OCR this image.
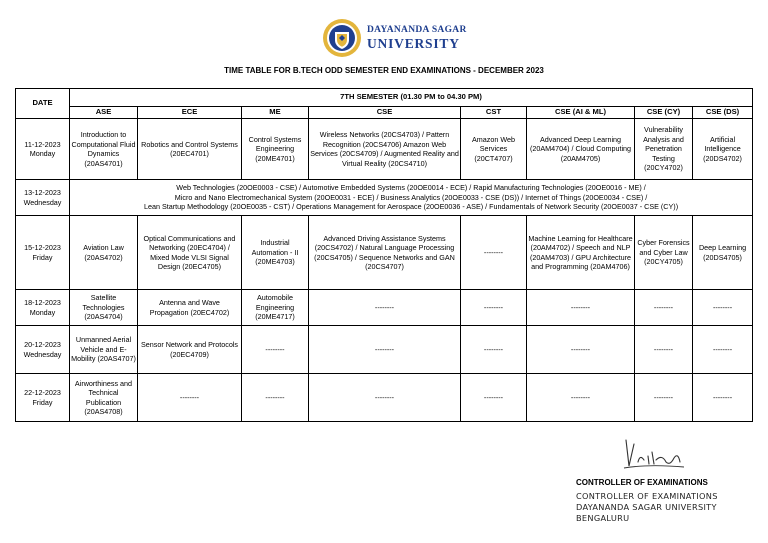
DAYANANDA SAGAR
UNIVERSITY
TIME TABLE FOR B.TECH ODD SEMESTER END EXAMINATIONS - DECEMBER 2023
DATE	7TH SEMESTER (01.30 PM to 04.30 PM)							
	ASE	ECE	ME	CSE	CST	CSE (AI & ML)	CSE (CY)	CSE (DS)
11-12-2023
Monday	Introduction to Computational Fluid Dynamics (20AS4701)	Robotics and Control Systems (20EC4701)	Control Systems Engineering (20ME4701)	Wireless Networks (20CS4703) / Pattern Recognition (20CS4706) Amazon Web Services (20CS4709) / Augmented Reality and Virtual Reality (20CS4710)	Amazon Web Services (20CT4707)	Advanced Deep Learning (20AM4704) / Cloud Computing (20AM4705)	Vulnerability Analysis and Penetration Testing (20CY4702)	Artificial Intelligence (20DS4702)
13-12-2023
Wednesday	Web Technologies (20OE0003 - CSE) / Automotive Embedded Systems (20OE0014 - ECE) / Rapid Manufacturing Technologies (20OE0016 - ME) /
Micro and Nano Electromechanical System (20OE0031 - ECE) / Business Analytics (20OE0033 - CSE (DS)) / Internet of Things (20OE0034 - CSE) /
Lean Startup Methodology (20OE0035 - CST) / Operations Management for Aerospace (20OE0036 - ASE) / Fundamentals of Network Security (20OE0037 - CSE (CY))							
15-12-2023
Friday	Aviation Law (20AS4702)	Optical Communications and Networking (20EC4704) / Mixed Mode VLSI Signal Design (20EC4705)	Industrial Automation - II (20ME4703)	Advanced Driving Assistance Systems (20CS4702) / Natural Language Processing (20CS4705) / Sequence Networks and GAN (20CS4707)	--------	Machine Learning for Healthcare (20AM4702) / Speech and NLP (20AM4703) / GPU Architecture and Programming (20AM4706)	Cyber Forensics and Cyber Law (20CY4705)	Deep Learning (20DS4705)
18-12-2023
Monday	Satellite Technologies (20AS4704)	Antenna and Wave Propagation (20EC4702)	Automobile Engineering (20ME4717)	--------	--------	--------	--------	--------
20-12-2023
Wednesday	Unmanned Aerial Vehicle and E-Mobility (20AS4707)	Sensor Network and Protocols (20EC4709)	--------	--------	--------	--------	--------	--------
22-12-2023
Friday	Airworthiness and Technical Publication (20AS4708)	--------	--------	--------	--------	--------	--------	--------
CONTROLLER OF EXAMINATIONS
CONTROLLER OF EXAMINATIONS
DAYANANDA SAGAR UNIVERSITY
BENGALURU
